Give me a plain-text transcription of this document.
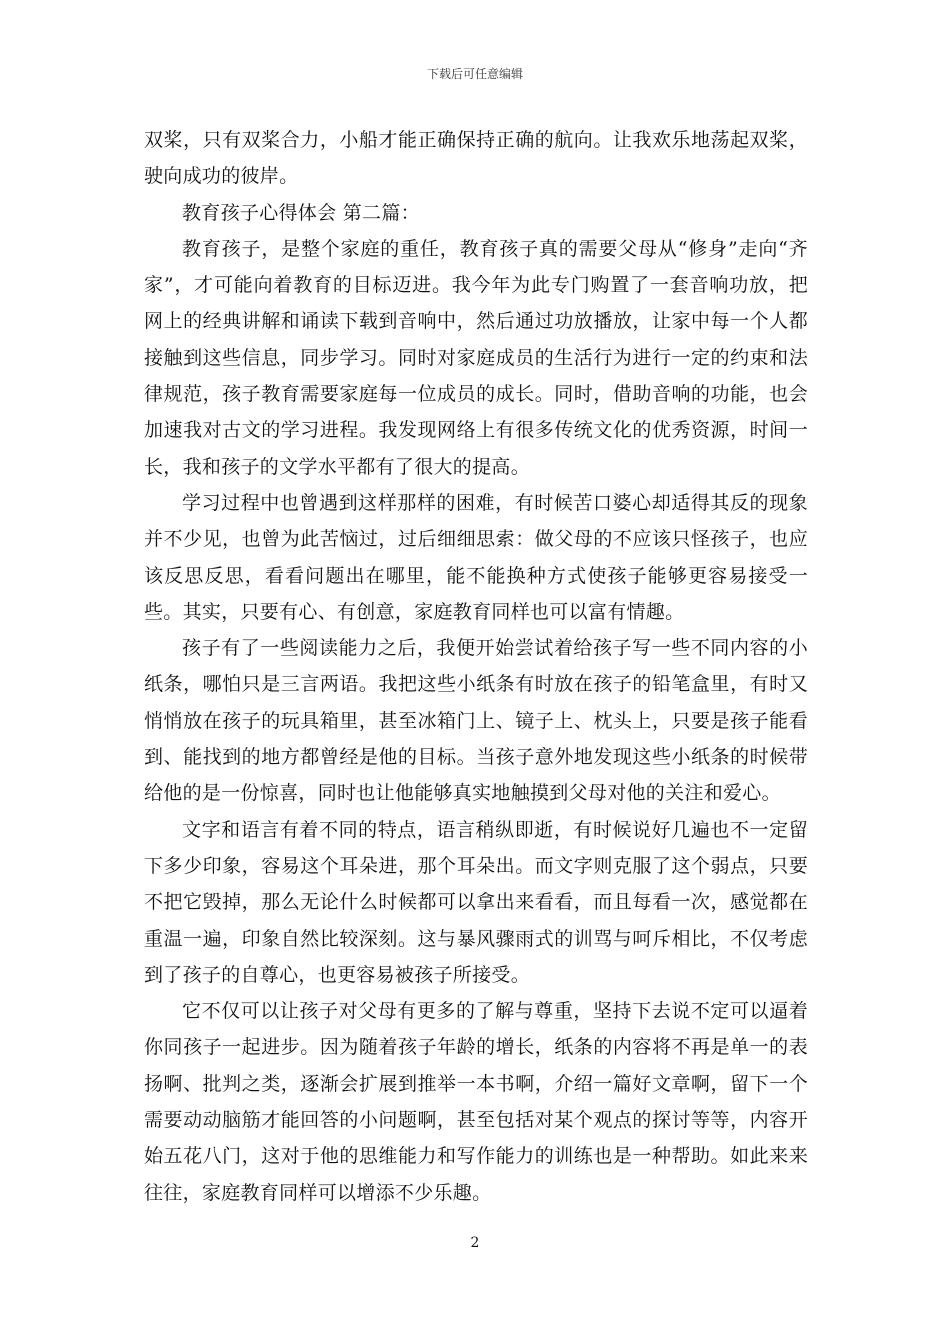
下载后可任意编辑

双桨，只有双桨合力，小船才能正确保持正确的航向。让我欢乐地荡起双桨，驶向成功的彼岸。

教育孩子心得体会 第二篇：

教育孩子，是整个家庭的重任，教育孩子真的需要父母从“修身”走向“齐家”，才可能向着教育的目标迈进。我今年为此专门购置了一套音响功放，把网上的经典讲解和诵读下载到音响中，然后通过功放播放，让家中每一个人都接触到这些信息，同步学习。同时对家庭成员的生活行为进行一定的约束和法律规范，孩子教育需要家庭每一位成员的成长。同时，借助音响的功能，也会加速我对古文的学习进程。我发现网络上有很多传统文化的优秀资源，时间一长，我和孩子的文学水平都有了很大的提高。

学习过程中也曾遇到这样那样的困难，有时候苦口婆心却适得其反的现象并不少见，也曾为此苦恼过，过后细细思索：做父母的不应该只怪孩子，也应该反思反思，看看问题出在哪里，能不能换种方式使孩子能够更容易接受一些。其实，只要有心、有创意，家庭教育同样也可以富有情趣。

孩子有了一些阅读能力之后，我便开始尝试着给孩子写一些不同内容的小纸条，哪怕只是三言两语。我把这些小纸条有时放在孩子的铅笔盒里，有时又悄悄放在孩子的玩具箱里，甚至冰箱门上、镜子上、枕头上，只要是孩子能看到、能找到的地方都曾经是他的目标。当孩子意外地发现这些小纸条的时候带给他的是一份惊喜，同时也让他能够真实地触摸到父母对他的关注和爱心。

文字和语言有着不同的特点，语言稍纵即逝，有时候说好几遍也不一定留下多少印象，容易这个耳朵进，那个耳朵出。而文字则克服了这个弱点，只要不把它毁掉，那么无论什么时候都可以拿出来看看，而且每看一次，感觉都在重温一遍，印象自然比较深刻。这与暴风骤雨式的训骂与呵斥相比，不仅考虑到了孩子的自尊心，也更容易被孩子所接受。

它不仅可以让孩子对父母有更多的了解与尊重，坚持下去说不定可以逼着你同孩子一起进步。因为随着孩子年龄的增长，纸条的内容将不再是单一的表扬啊、批判之类，逐渐会扩展到推举一本书啊，介绍一篇好文章啊，留下一个需要动动脑筋才能回答的小问题啊，甚至包括对某个观点的探讨等等，内容开始五花八门，这对于他的思维能力和写作能力的训练也是一种帮助。如此来来往往，家庭教育同样可以增添不少乐趣。

2
